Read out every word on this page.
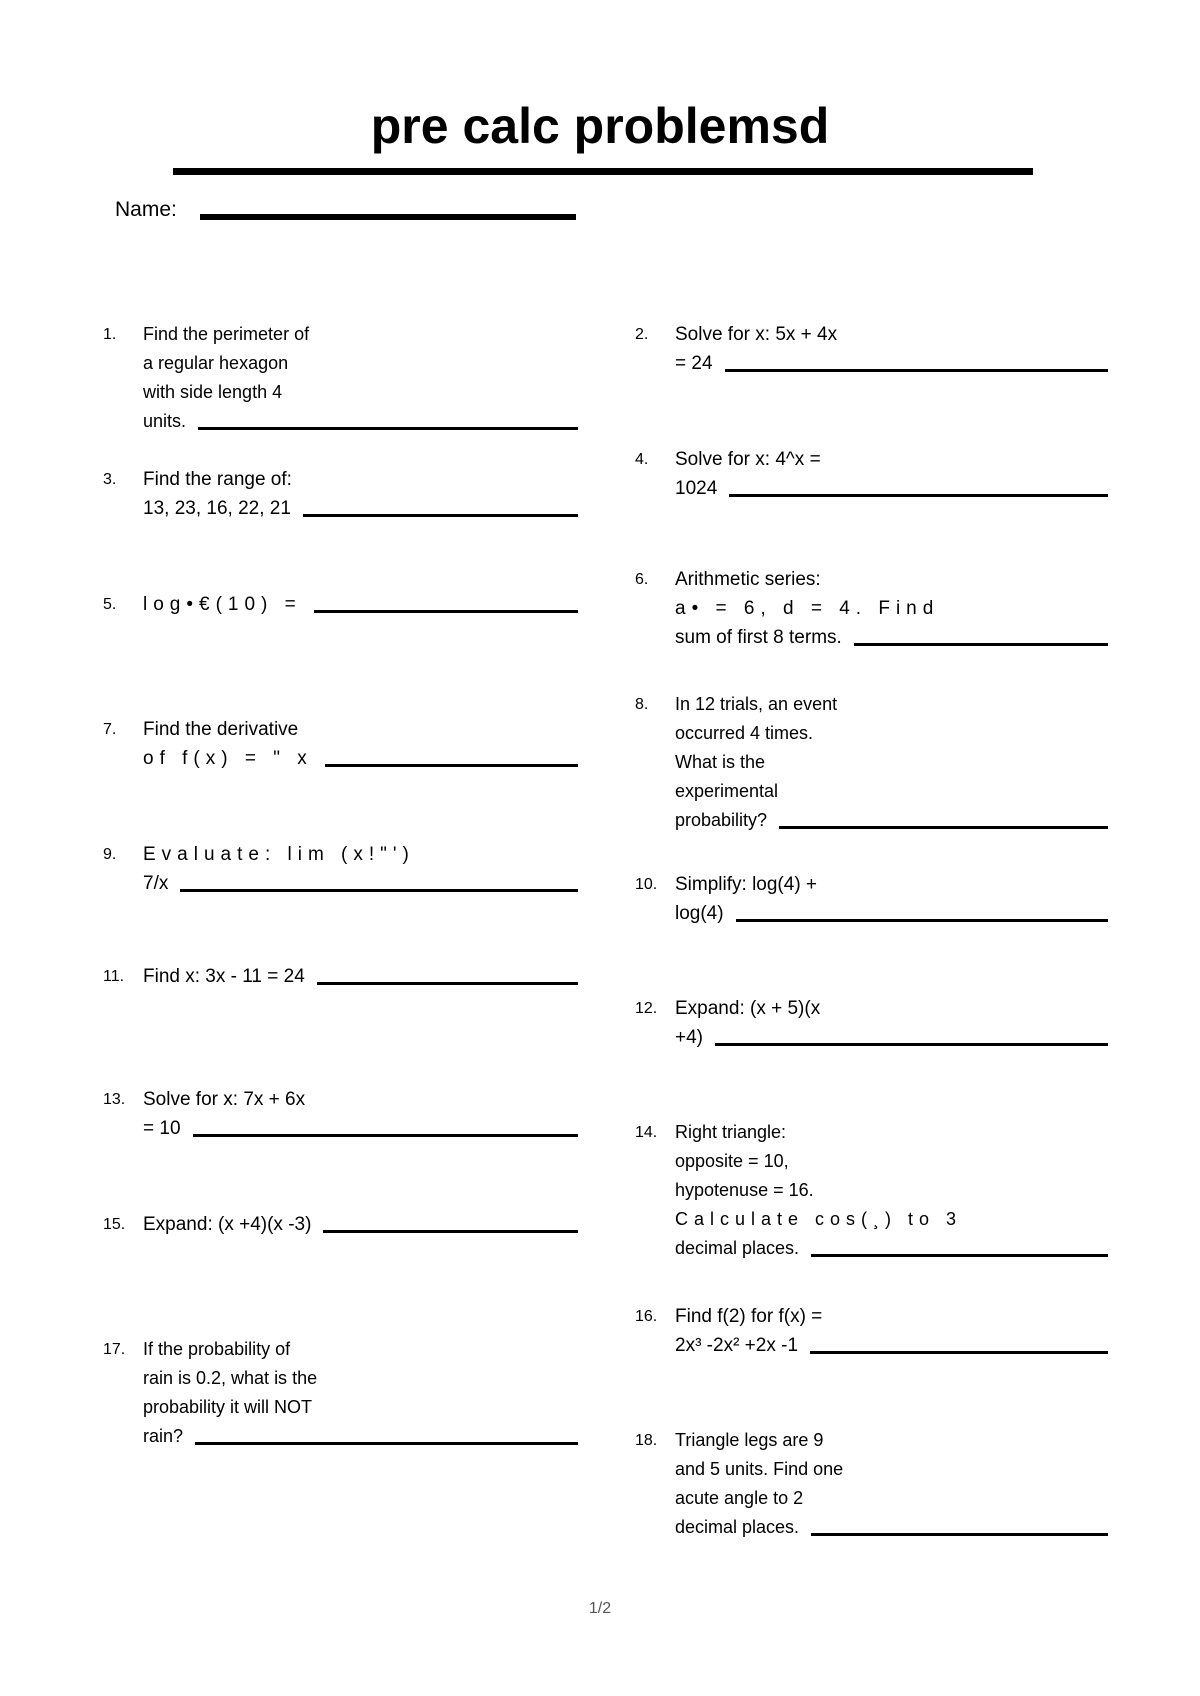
pre calc problemsd
Name:
1. Find the perimeter of
a regular hexagon
with side length 4
units.
2. Solve for x: 5x + 4x
= 24
3. Find the range of:
13, 23, 16, 22, 21
4. Solve for x: 4^x =
1024
5. log•€(10) =
6. Arithmetic series:
a• = 6, d = 4. Find
sum of first 8 terms.
7. Find the derivative
of f(x) = " x
8. In 12 trials, an event
occurred 4 times.
What is the
experimental
probability?
9. Evaluate: lim (x!"')
7/x	10. Simplify: log(4) +
log(4)
11. Find x: 3x - 11 = 24
12. Expand: (x + 5)(x
+4)
13. Solve for x: 7x + 6x
= 10	14. Right triangle:
opposite = 10,
hypotenuse = 16.
Calculate cos(¸) to 3
decimal places.
15. Expand: (x +4)(x -3)
16. Find f(2) for f(x) =
2x³ -2x² +2x -1
17. If the probability of
rain is 0.2, what is the
probability it will NOT
rain?	18. Triangle legs are 9
and 5 units. Find one
acute angle to 2
decimal places.
1/2
